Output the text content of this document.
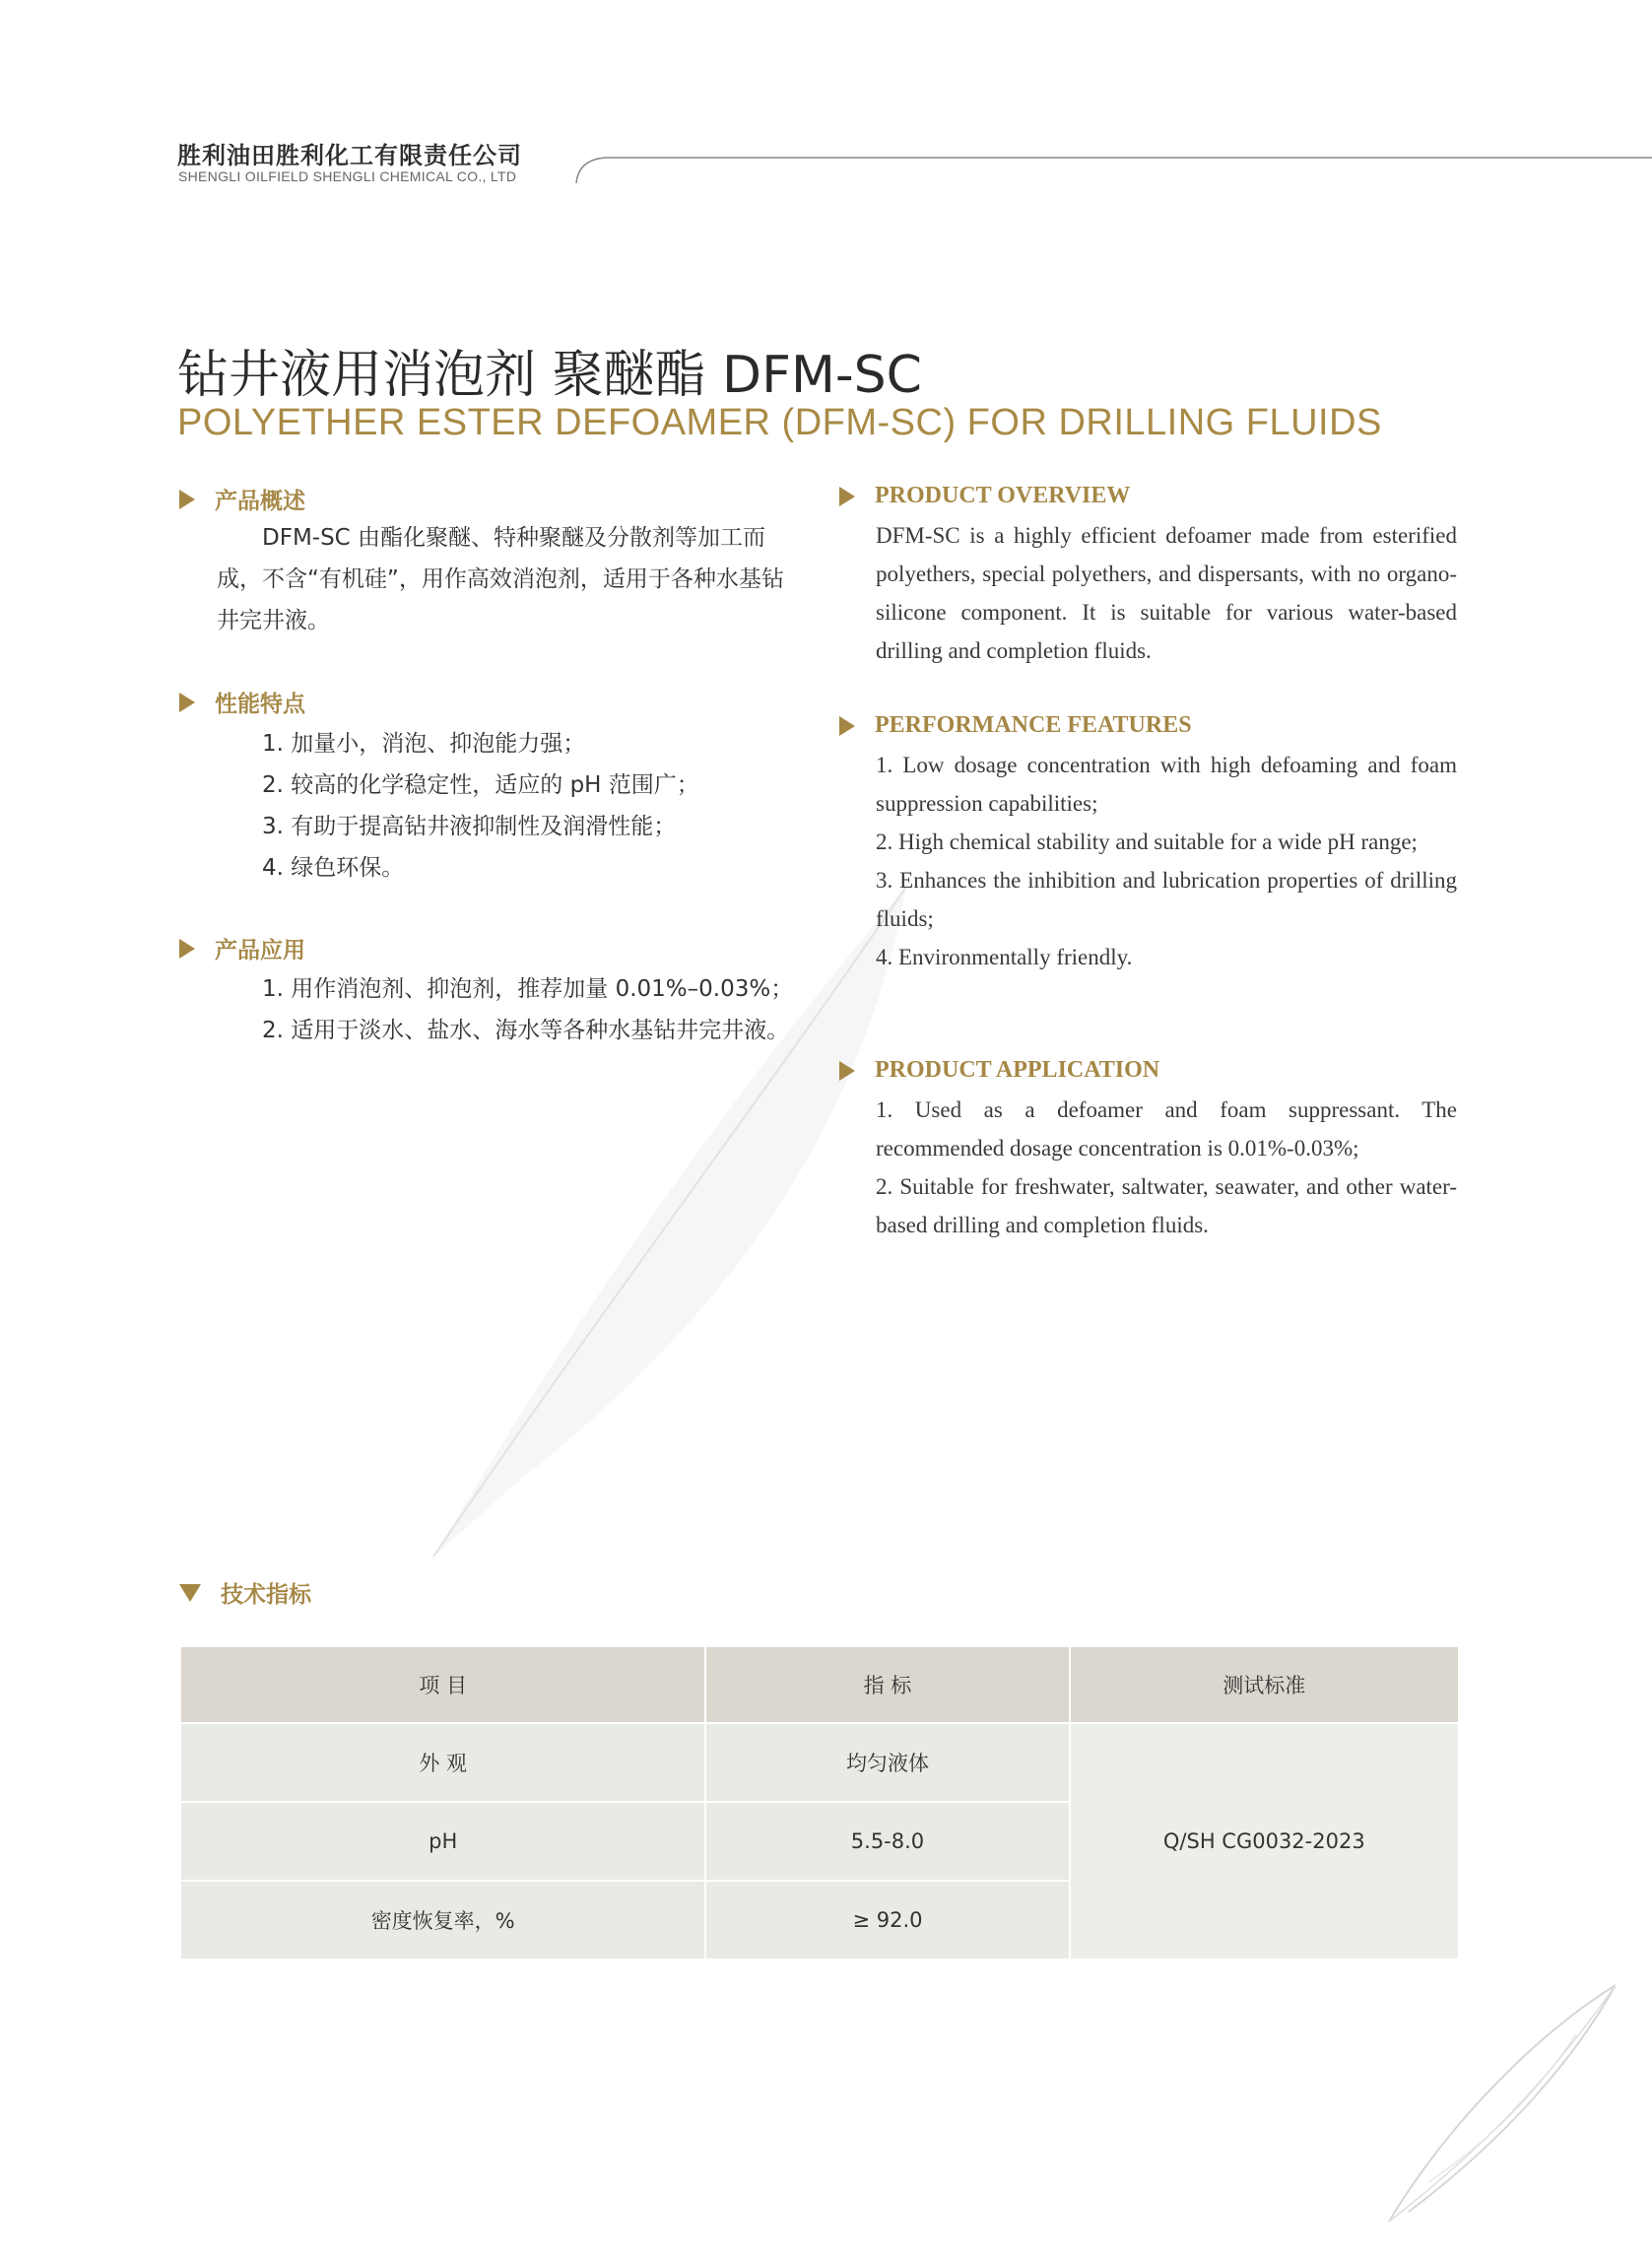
胜利油田胜利化工有限责任公司
SHENGLI OILFIELD SHENGLI CHEMICAL CO., LTD
钻井液用消泡剂 聚醚酯 DFM-SC
POLYETHER ESTER DEFOAMER (DFM-SC) FOR DRILLING FLUIDS
产品概述
DFM-SC 由酯化聚醚、特种聚醚及分散剂等加工而成，不含“有机硅”，用作高效消泡剂，适用于各种水基钻井完井液。
性能特点
1. 加量小，消泡、抑泡能力强；
2. 较高的化学稳定性，适应的 pH 范围广；
3. 有助于提高钻井液抑制性及润滑性能；
4. 绿色环保。
产品应用
1. 用作消泡剂、抑泡剂，推荐加量 0.01%–0.03%；
2. 适用于淡水、盐水、海水等各种水基钻井完井液。
PRODUCT OVERVIEW
DFM-SC is a highly efficient defoamer made from esterified polyethers, special polyethers, and dispersants, with no organo-silicone component. It is suitable for various water-based drilling and completion fluids.
PERFORMANCE FEATURES
1. Low dosage concentration with high defoaming and foam suppression capabilities;
2. High chemical stability and suitable for a wide pH range;
3. Enhances the inhibition and lubrication properties of drilling fluids;
4. Environmentally friendly.
PRODUCT APPLICATION
1. Used as a defoamer and foam suppressant. The recommended dosage concentration is 0.01%-0.03%;
2. Suitable for freshwater, saltwater, seawater, and other water-based drilling and completion fluids.
技术指标
项 目	指 标	测试标准
外 观	均匀液体	Q/SH CG0032-2023
pH	5.5-8.0	
密度恢复率，%	≥ 92.0	
